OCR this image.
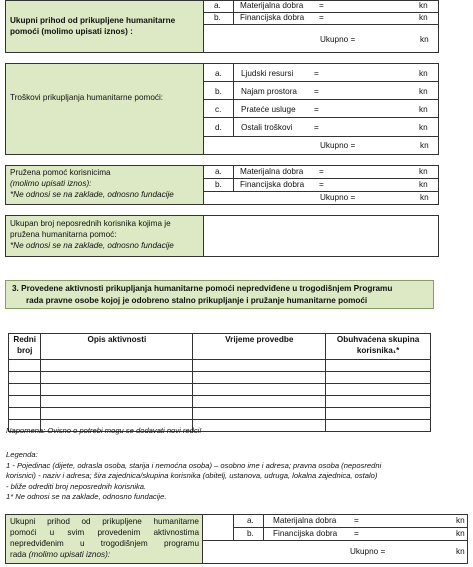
Ukupni prihod od prikupljene humanitarne pomoći (molimo upisati iznos) :
a. Materijalna dobra =	kn
b. Financijska dobra =	kn
Ukupno =	kn
Troškovi prikupljanja humanitarne pomoći:
a. Ljudski resursi	=	kn
b. Najam prostora =	kn
c. Prateće usluge =	kn
d. Ostali troškovi	=	kn
Ukupno =	kn
Pružena pomoć korisnicima
(molimo upisati iznos):
*Ne odnosi se na zaklade, odnosno fundacije
a. Materijalna dobra =	kn
b. Financijska dobra =	kn
Ukupno =	kn
Ukupan broj neposrednih korisnika kojima je pružena humanitarna pomoć:
*Ne odnosi se na zaklade, odnosno fundacije
3. Provedene aktivnosti prikupljanja humanitarne pomoći nepredviđene u trogodišnjem Programu
rada pravne osobe kojoj je odobreno stalno prikupljanje i pružanje humanitarne pomoći
Redni broj	Opis aktivnosti	Vrijeme provedbe	Obuhvaćena skupina korisnika₁*

Napomena: Ovisno o potrebi mogu se dodavati novi redci!
Legenda:
1 - Pojedinac (dijete, odrasla osoba, starija i nemoćna osoba) – osobno ime i adresa; pravna osoba (neposredni
korisnici) - naziv i adresa; šira zajednica/skupina korisnika (obitelj, ustanova, udruga, lokalna zajednica, ostalo)
- bliže odrediti broj neposrednih korisnika.
1* Ne odnosi se na zaklade, odnosno fundacije.
Ukupni prihod od prikupljene humanitarne
pomoći u svim provedenim aktivnostima
nepredviđenim u trogodišnjem programu
rada (molimo upisati iznos):
a. Materijalna dobra =	kn
b. Financijska dobra =	kn
Ukupno =	kn
